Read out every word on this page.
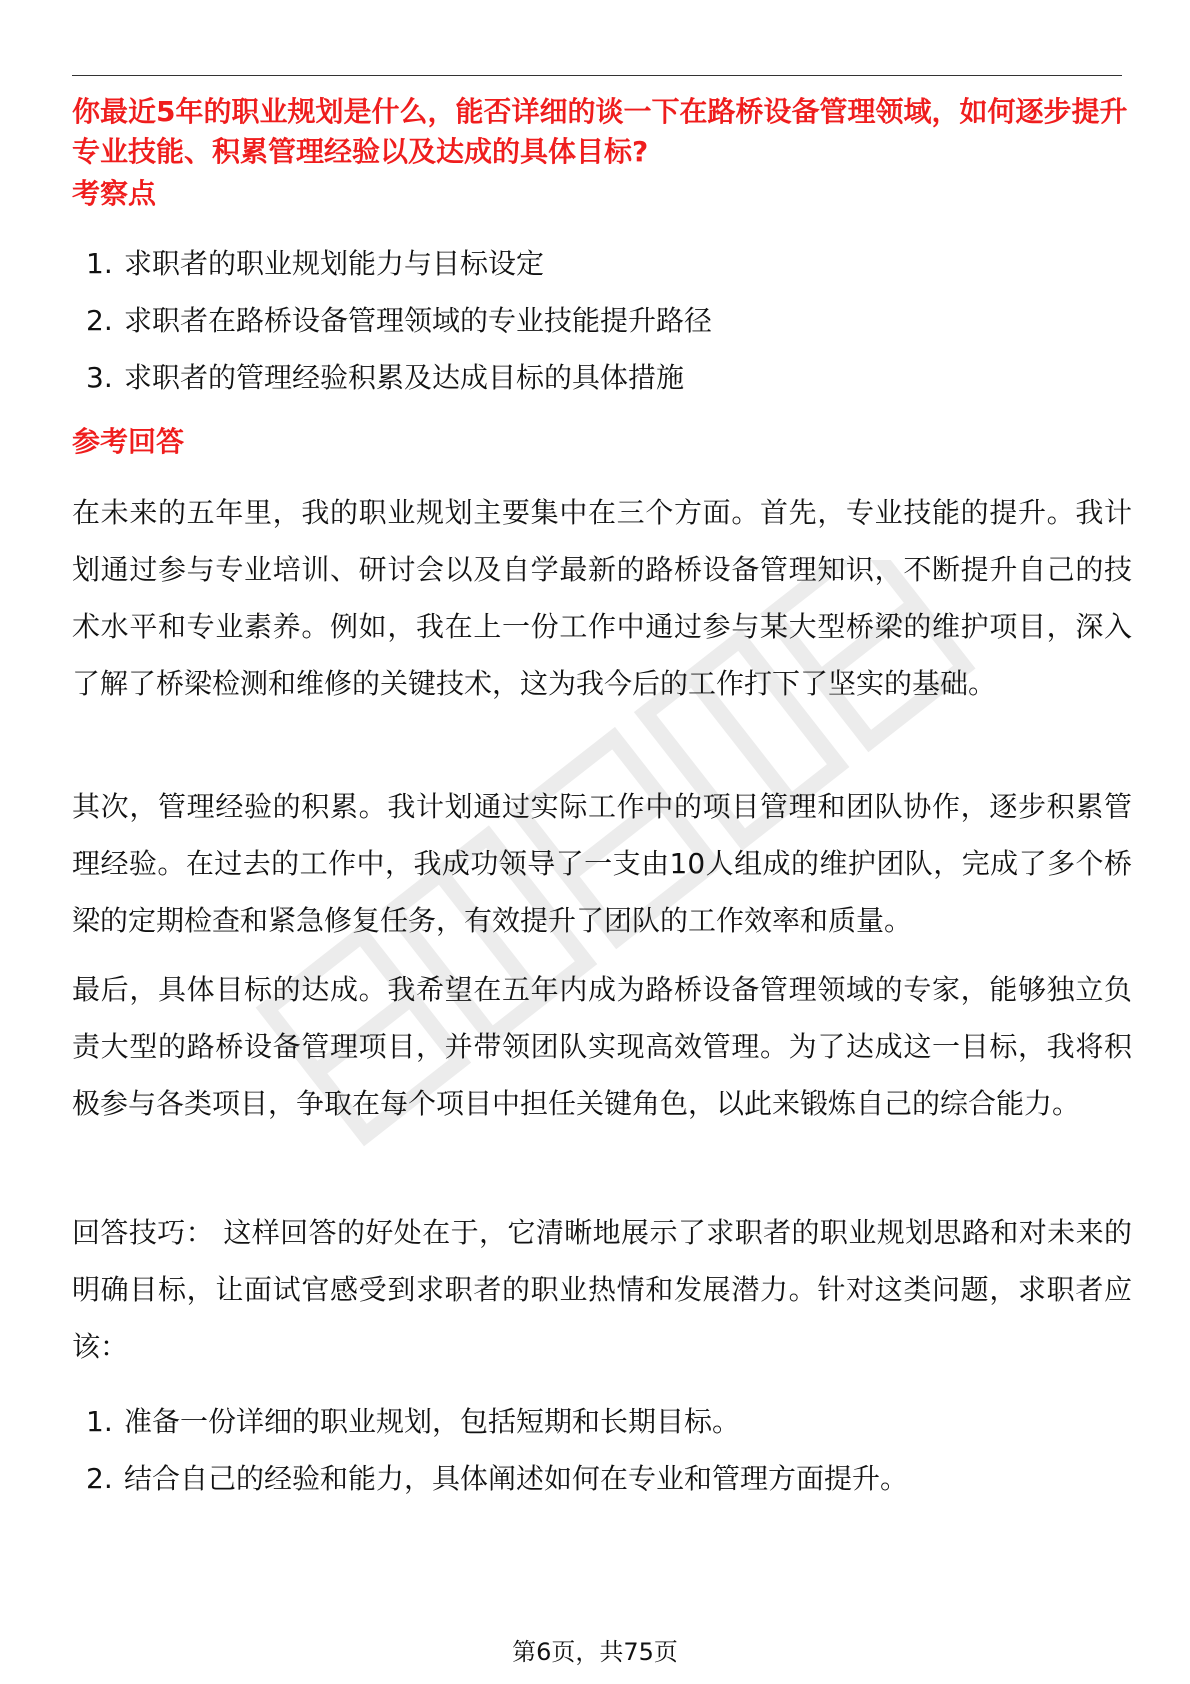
你最近5年的职业规划是什么，能否详细的谈一下在路桥设备管理领域，如何逐步提升专业技能、积累管理经验以及达成的具体目标?
考察点
1. 求职者的职业规划能力与目标设定
2. 求职者在路桥设备管理领域的专业技能提升路径
3. 求职者的管理经验积累及达成目标的具体措施
参考回答

在未来的五年里，我的职业规划主要集中在三个方面。首先，专业技能的提升。我计划通过参与专业培训、研讨会以及自学最新的路桥设备管理知识，不断提升自己的技术水平和专业素养。例如，我在上一份工作中通过参与某大型桥梁的维护项目，深入了解了桥梁检测和维修的关键技术，这为我今后的工作打下了坚实的基础。

其次，管理经验的积累。我计划通过实际工作中的项目管理和团队协作，逐步积累管理经验。在过去的工作中，我成功领导了一支由10人组成的维护团队，完成了多个桥梁的定期检查和紧急修复任务，有效提升了团队的工作效率和质量。

最后，具体目标的达成。我希望在五年内成为路桥设备管理领域的专家，能够独立负责大型的路桥设备管理项目，并带领团队实现高效管理。为了达成这一目标，我将积极参与各类项目，争取在每个项目中担任关键角色，以此来锻炼自己的综合能力。

回答技巧： 这样回答的好处在于，它清晰地展示了求职者的职业规划思路和对未来的明确目标，让面试官感受到求职者的职业热情和发展潜力。针对这类问题，求职者应该：

1. 准备一份详细的职业规划，包括短期和长期目标。
2. 结合自己的经验和能力，具体阐述如何在专业和管理方面提升。
第6页，共75页
